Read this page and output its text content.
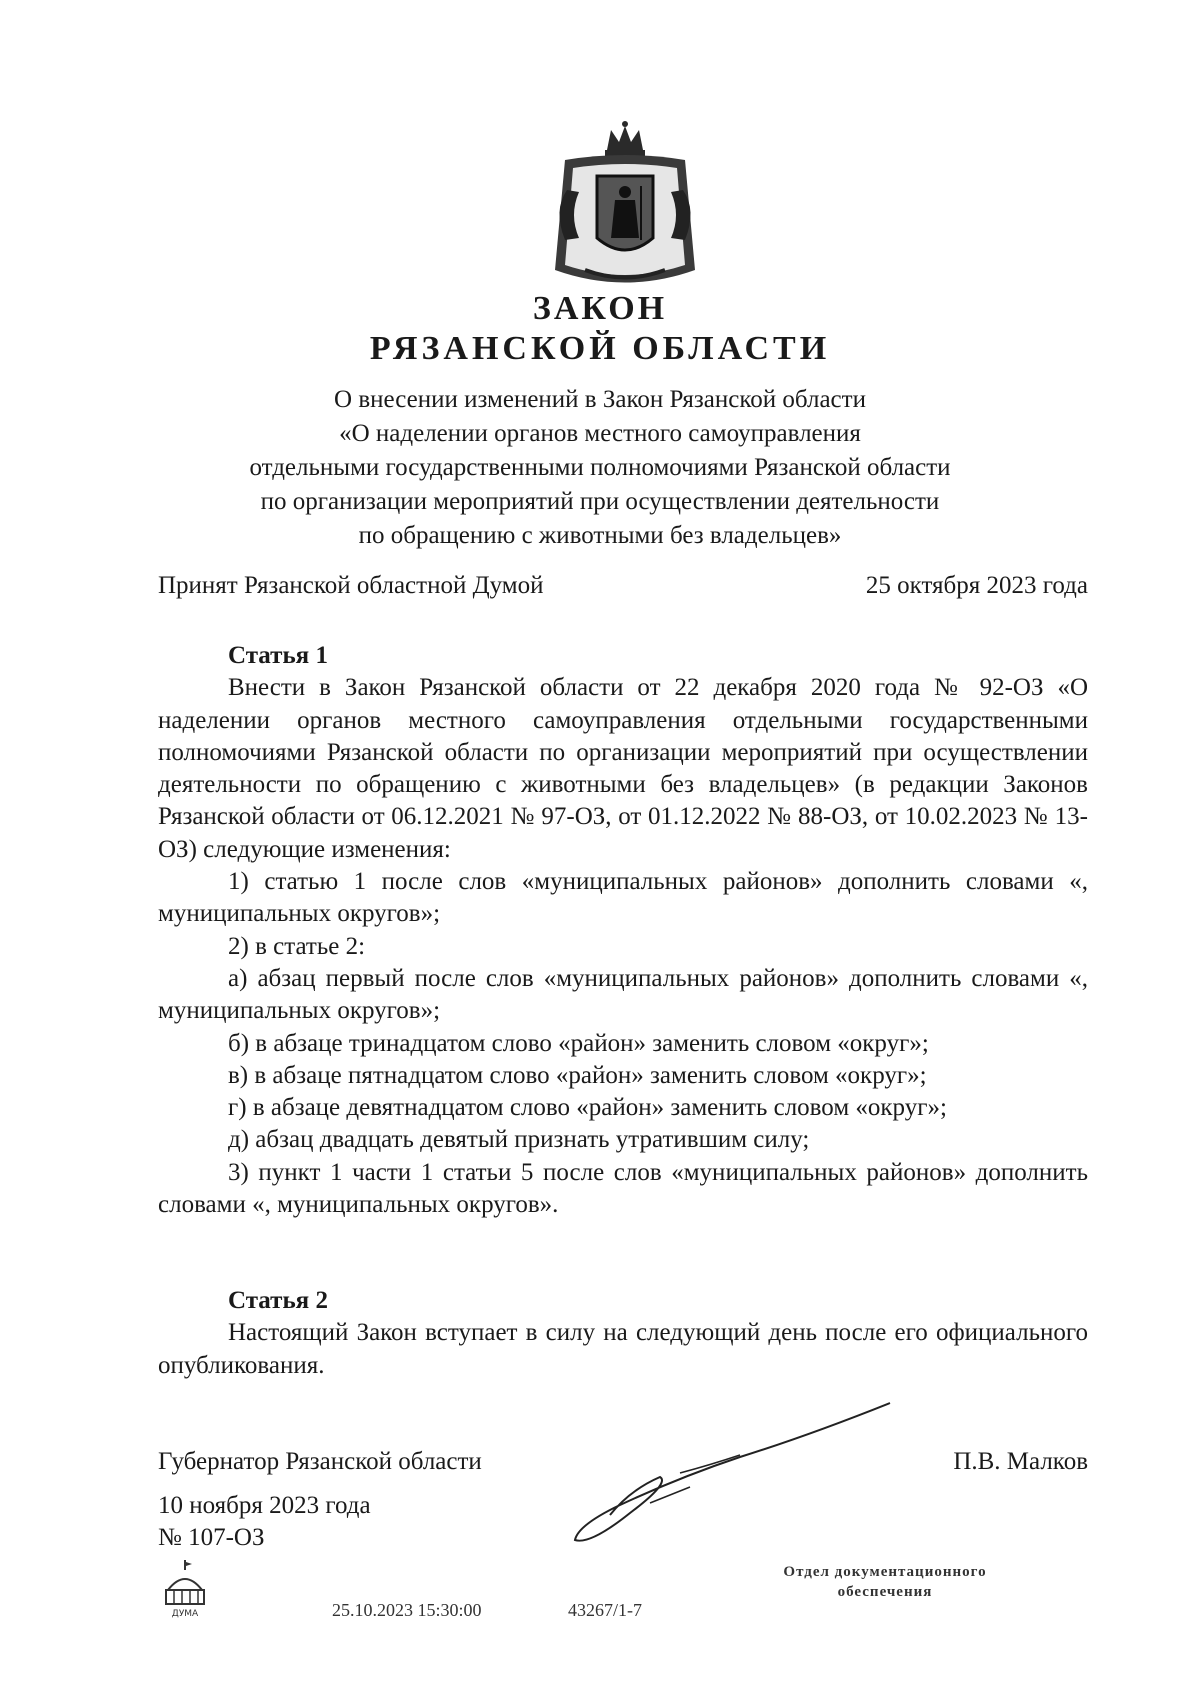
ЗАКОН
РЯЗАНСКОЙ ОБЛАСТИ
О внесении изменений в Закон Рязанской области
«О наделении органов местного самоуправления
отдельными государственными полномочиями Рязанской области
по организации мероприятий при осуществлении деятельности
по обращению с животными без владельцев»
Принят Рязанской областной Думой	25 октября 2023 года
Статья 1
Внести в Закон Рязанской области от 22 декабря 2020 года № 92-ОЗ «О наделении органов местного самоуправления отдельными государственными полномочиями Рязанской области по организации мероприятий при осуществлении деятельности по обращению с животными без владельцев» (в редакции Законов Рязанской области от 06.12.2021 № 97-ОЗ, от 01.12.2022 № 88-ОЗ, от 10.02.2023 № 13-ОЗ) следующие изменения:
1) статью 1 после слов «муниципальных районов» дополнить словами «, муниципальных округов»;
2) в статье 2:
а) абзац первый после слов «муниципальных районов» дополнить словами «, муниципальных округов»;
б) в абзаце тринадцатом слово «район» заменить словом «округ»;
в) в абзаце пятнадцатом слово «район» заменить словом «округ»;
г) в абзаце девятнадцатом слово «район» заменить словом «округ»;
д) абзац двадцать девятый признать утратившим силу;
3) пункт 1 части 1 статьи 5 после слов «муниципальных районов» дополнить словами «, муниципальных округов».
Статья 2
Настоящий Закон вступает в силу на следующий день после его официального опубликования.
Губернатор Рязанской области	П.В. Малков
10 ноября 2023 года
№ 107-ОЗ
ДУМА	25.10.2023 15:30:00	43267/1-7
Отдел документационного
обеспечения
